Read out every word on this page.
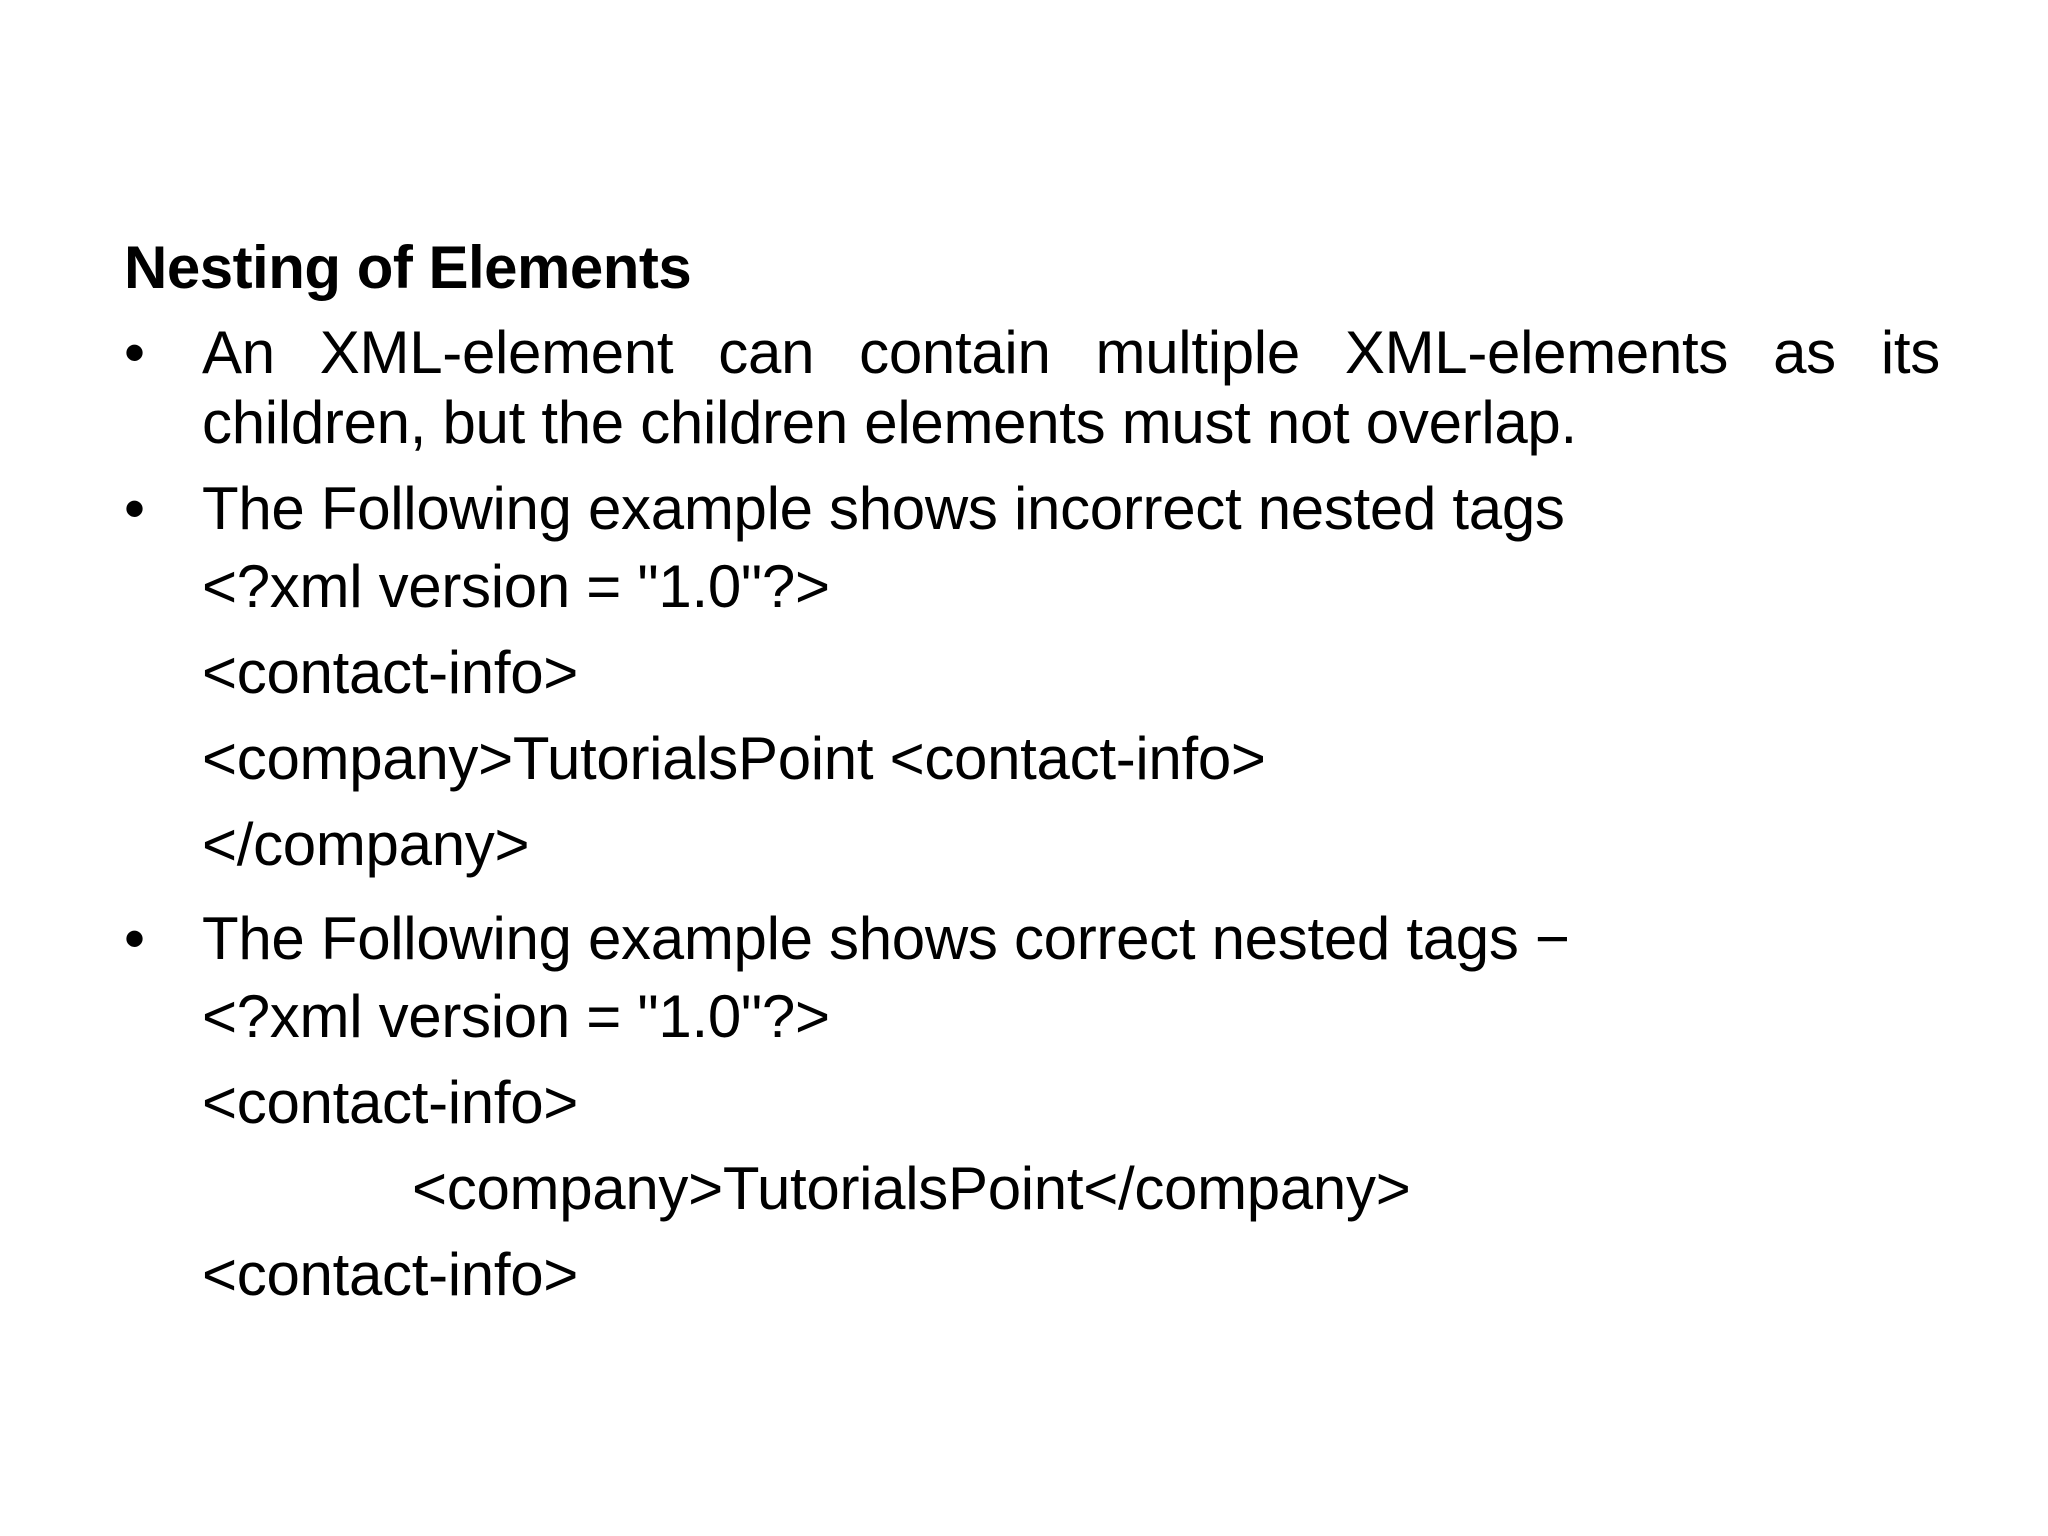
Nesting of Elements
• An XML-element can contain multiple XML-elements as its
children, but the children elements must not overlap.
• The Following example shows incorrect nested tags
<?xml version = "1.0"?>
<contact-info>
<company>TutorialsPoint <contact-info>
</company>
• The Following example shows correct nested tags −
<?xml version = "1.0"?>
<contact-info>
<company>TutorialsPoint</company>
<contact-info>
